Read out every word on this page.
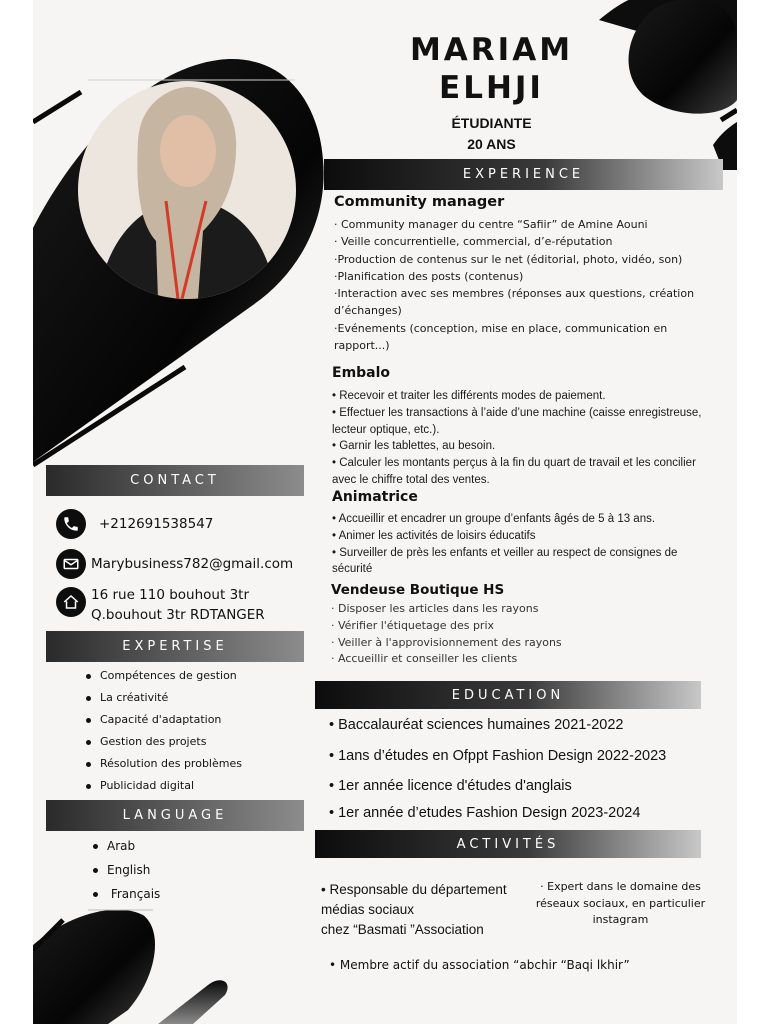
MARIAM
ELHJI
ÉTUDIANTE
20 ANS
EXPERIENCE
Community manager
· Community manager du centre “Safiir” de Amine Aouni
· Veille concurrentielle, commercial, d’e-réputation
·Production de contenus sur le net (éditorial, photo, vidéo, son)
·Planification des posts (contenus)
·Interaction avec ses membres (réponses aux questions, création d’échanges)
·Evénements (conception, mise en place, communication en rapport...)
Embalo
• Recevoir et traiter les différents modes de paiement.
• Effectuer les transactions à l’aide d’une machine (caisse enregistreuse, lecteur optique, etc.).
• Garnir les tablettes, au besoin.
• Calculer les montants perçus à la fin du quart de travail et les concilier avec le chiffre total des ventes.
Animatrice
• Accueillir et encadrer un groupe d’enfants âgés de 5 à 13 ans.
• Animer les activités de loisirs éducatifs
• Surveiller de près les enfants et veiller au respect de consignes de sécurité
Vendeuse Boutique HS
· Disposer les articles dans les rayons
· Vérifier l'étiquetage des prix
· Veiller à l'approvisionnement des rayons
· Accueillir et conseiller les clients
CONTACT
+212691538547
Marybusiness782@gmail.com
16 rue 110 bouhout 3tr
Q.bouhout 3tr RDTANGER
EXPERTISE
Compétences de gestion
La créativité
Capacité d'adaptation
Gestion des projets
Résolution des problèmes
Publicidad digital
LANGUAGE
Arab
English
Français
EDUCATION
• Baccalauréat sciences humaines 2021-2022
• 1ans d’études en Ofppt Fashion Design 2022-2023
• 1er année licence d'études d'anglais
• 1er année d’etudes Fashion Design 2023-2024
ACTIVITÉS
• Responsable du département
médias sociaux
chez “Basmati ”Association
· Expert dans le domaine des réseaux sociaux, en particulier instagram
• Membre actif du association “abchir “Baqi lkhir”
